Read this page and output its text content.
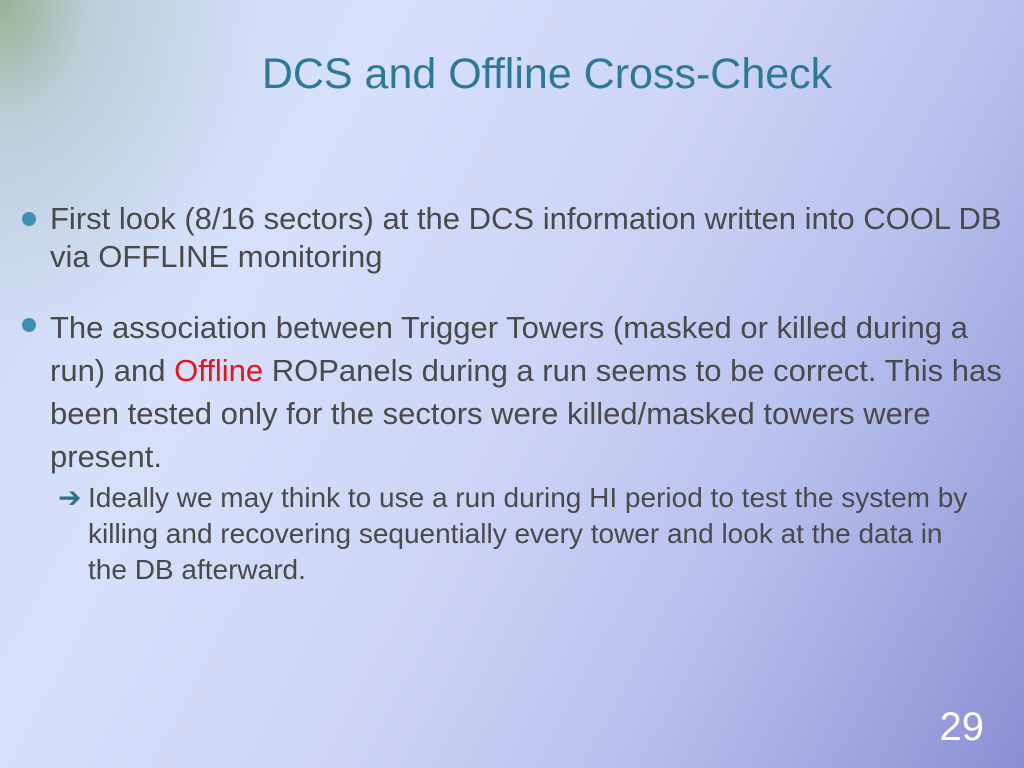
DCS and Offline Cross-Check
First look (8/16 sectors) at the DCS information written into COOL DB via OFFLINE monitoring
The association between Trigger Towers (masked or killed during a run) and Offline ROPanels during a run seems to be correct. This has been tested only for the sectors were killed/masked towers were present.
➔ Ideally we may think to use a run during HI period to test the system by killing and recovering sequentially every tower and look at the data in the DB afterward.
29
